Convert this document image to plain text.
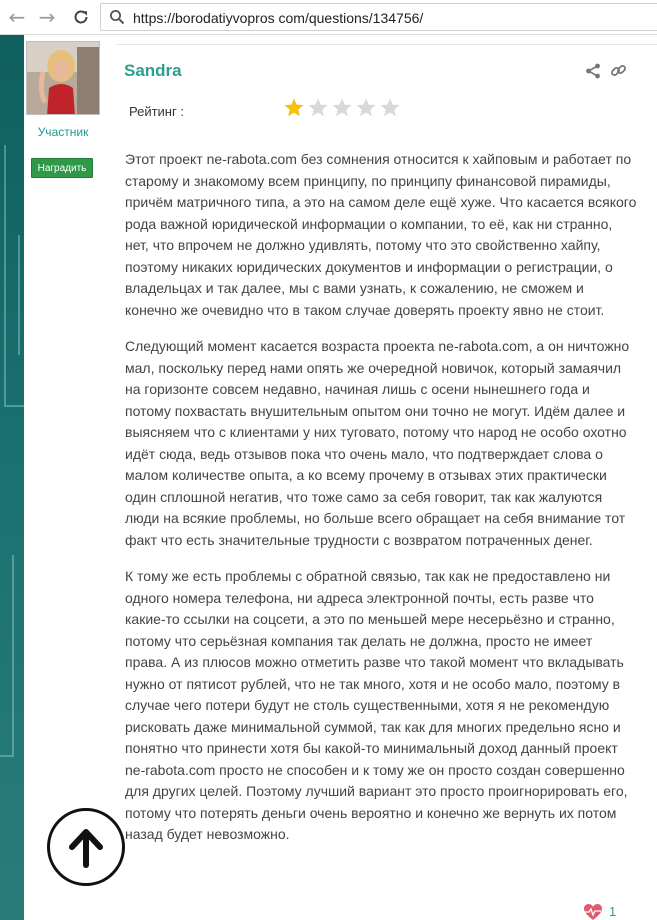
← →	https://borodatiyvopros com/questions/134756/
Участник
Наградить
Sandra
Рейтинг :

Этот проект ne-rabota.com без сомнения относится к хайповым и работает по старому и знакомому всем принципу, по принципу финансовой пирамиды, причём матричного типа, а это на самом деле ещё хуже. Что касается всякого рода важной юридической информации о компании, то её, как ни странно, нет, что впрочем не должно удивлять, потому что это свойственно хайпу, поэтому никаких юридических документов и информации о регистрации, о владельцах и так далее, мы с вами узнать, к сожалению, не сможем и конечно же очевидно что в таком случае доверять проекту явно не стоит.

Следующий момент касается возраста проекта ne-rabota.com, а он ничтожно мал, поскольку перед нами опять же очередной новичок, который замаячил на горизонте совсем недавно, начиная лишь с осени нынешнего года и потому похвастать внушительным опытом они точно не могут. Идём далее и выясняем что с клиентами у них туговато, потому что народ не особо охотно идёт сюда, ведь отзывов пока что очень мало, что подтверждает слова о малом количестве опыта, а ко всему прочему в отзывах этих практически один сплошной негатив, что тоже само за себя говорит, так как жалуются люди на всякие проблемы, но больше всего обращает на себя внимание тот факт что есть значительные трудности с возвратом потраченных денег.

К тому же есть проблемы с обратной связью, так как не предоставлено ни одного номера телефона, ни адреса электронной почты, есть разве что какие-то ссылки на соцсети, а это по меньшей мере несерьёзно и странно, потому что серьёзная компания так делать не должна, просто не имеет права. А из плюсов можно отметить разве что такой момент что вкладывать нужно от пятисот рублей, что не так много, хотя и не особо мало, поэтому в случае чего потери будут не столь существенными, хотя я не рекомендую рисковать даже минимальной суммой, так как для многих предельно ясно и понятно что принести хотя бы какой-то минимальный доход данный проект ne-rabota.com просто не способен и к тому же он просто создан совершенно для других целей. Поэтому лучший вариант это просто проигнорировать его, потому что потерять деньги очень вероятно и конечно же вернуть их потом назад будет невозможно.

1
